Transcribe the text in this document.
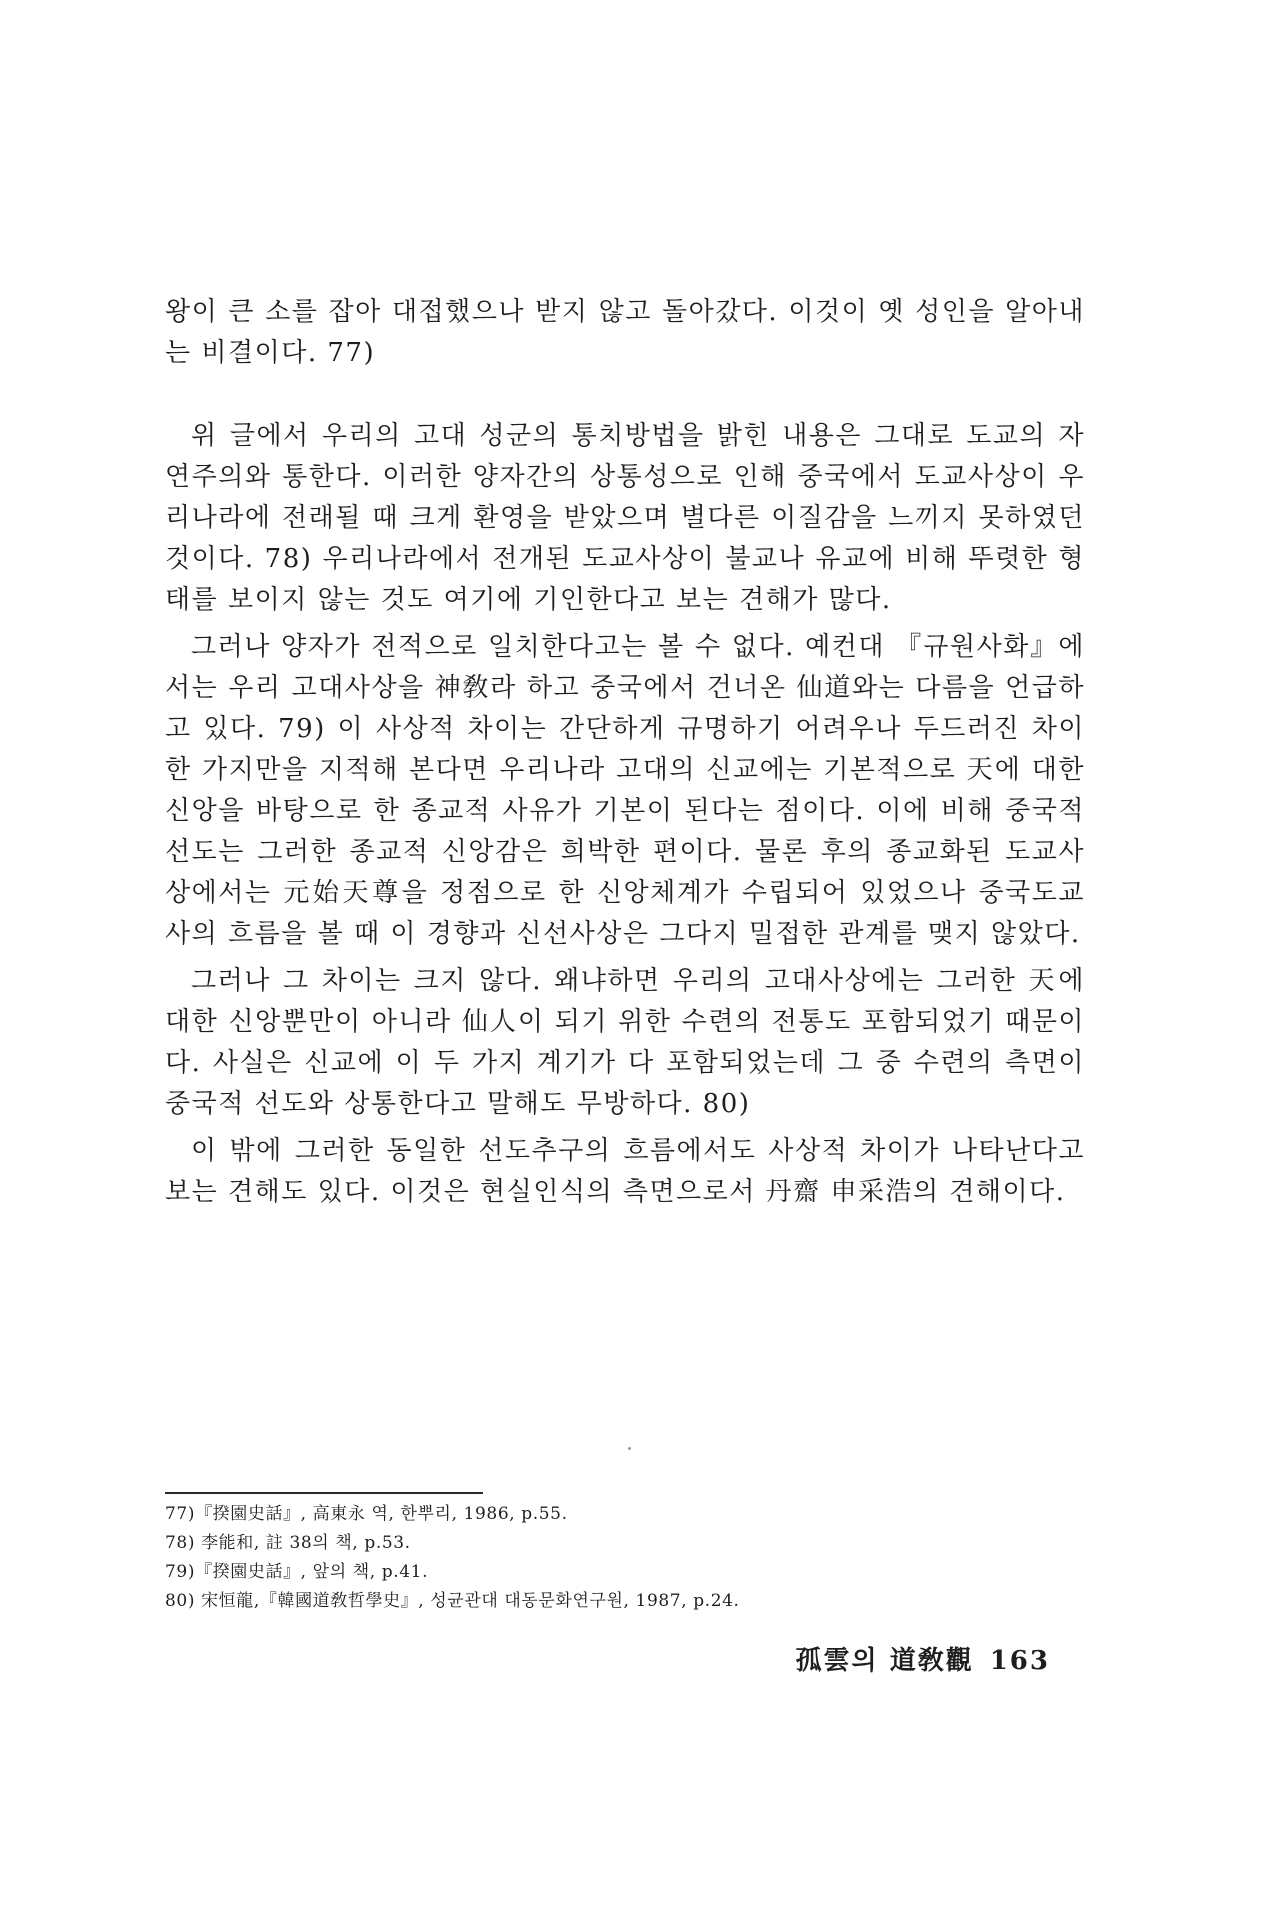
왕이 큰 소를 잡아 대접했으나 받지 않고 돌아갔다. 이것이 옛 성인을 알아내는 비결이다. 77)

위 글에서 우리의 고대 성군의 통치방법을 밝힌 내용은 그대로 도교의 자연주의와 통한다. 이러한 양자간의 상통성으로 인해 중국에서 도교사상이 우리나라에 전래될 때 크게 환영을 받았으며 별다른 이질감을 느끼지 못하였던 것이다. 78) 우리나라에서 전개된 도교사상이 불교나 유교에 비해 뚜렷한 형태를 보이지 않는 것도 여기에 기인한다고 보는 견해가 많다.

그러나 양자가 전적으로 일치한다고는 볼 수 없다. 예컨대 『규원사화』에서는 우리 고대사상을 神敎라 하고 중국에서 건너온 仙道와는 다름을 언급하고 있다. 79) 이 사상적 차이는 간단하게 규명하기 어려우나 두드러진 차이 한 가지만을 지적해 본다면 우리나라 고대의 신교에는 기본적으로 天에 대한 신앙을 바탕으로 한 종교적 사유가 기본이 된다는 점이다. 이에 비해 중국적 선도는 그러한 종교적 신앙감은 희박한 편이다. 물론 후의 종교화된 도교사상에서는 元始天尊을 정점으로 한 신앙체계가 수립되어 있었으나 중국도교사의 흐름을 볼 때 이 경향과 신선사상은 그다지 밀접한 관계를 맺지 않았다.

그러나 그 차이는 크지 않다. 왜냐하면 우리의 고대사상에는 그러한 天에 대한 신앙뿐만이 아니라 仙人이 되기 위한 수련의 전통도 포함되었기 때문이다. 사실은 신교에 이 두 가지 계기가 다 포함되었는데 그 중 수련의 측면이 중국적 선도와 상통한다고 말해도 무방하다. 80)

이 밖에 그러한 동일한 선도추구의 흐름에서도 사상적 차이가 나타난다고 보는 견해도 있다. 이것은 현실인식의 측면으로서 丹齋 申采浩의 견해이다.

77)『揆園史話』, 高東永 역, 한뿌리, 1986, p.55.
78) 李能和, 註 38의 책, p.53.
79)『揆園史話』, 앞의 책, p.41.
80) 宋恒龍,『韓國道敎哲學史』, 성균관대 대동문화연구원, 1987, p.24.
孤雲의 道敎觀 163
